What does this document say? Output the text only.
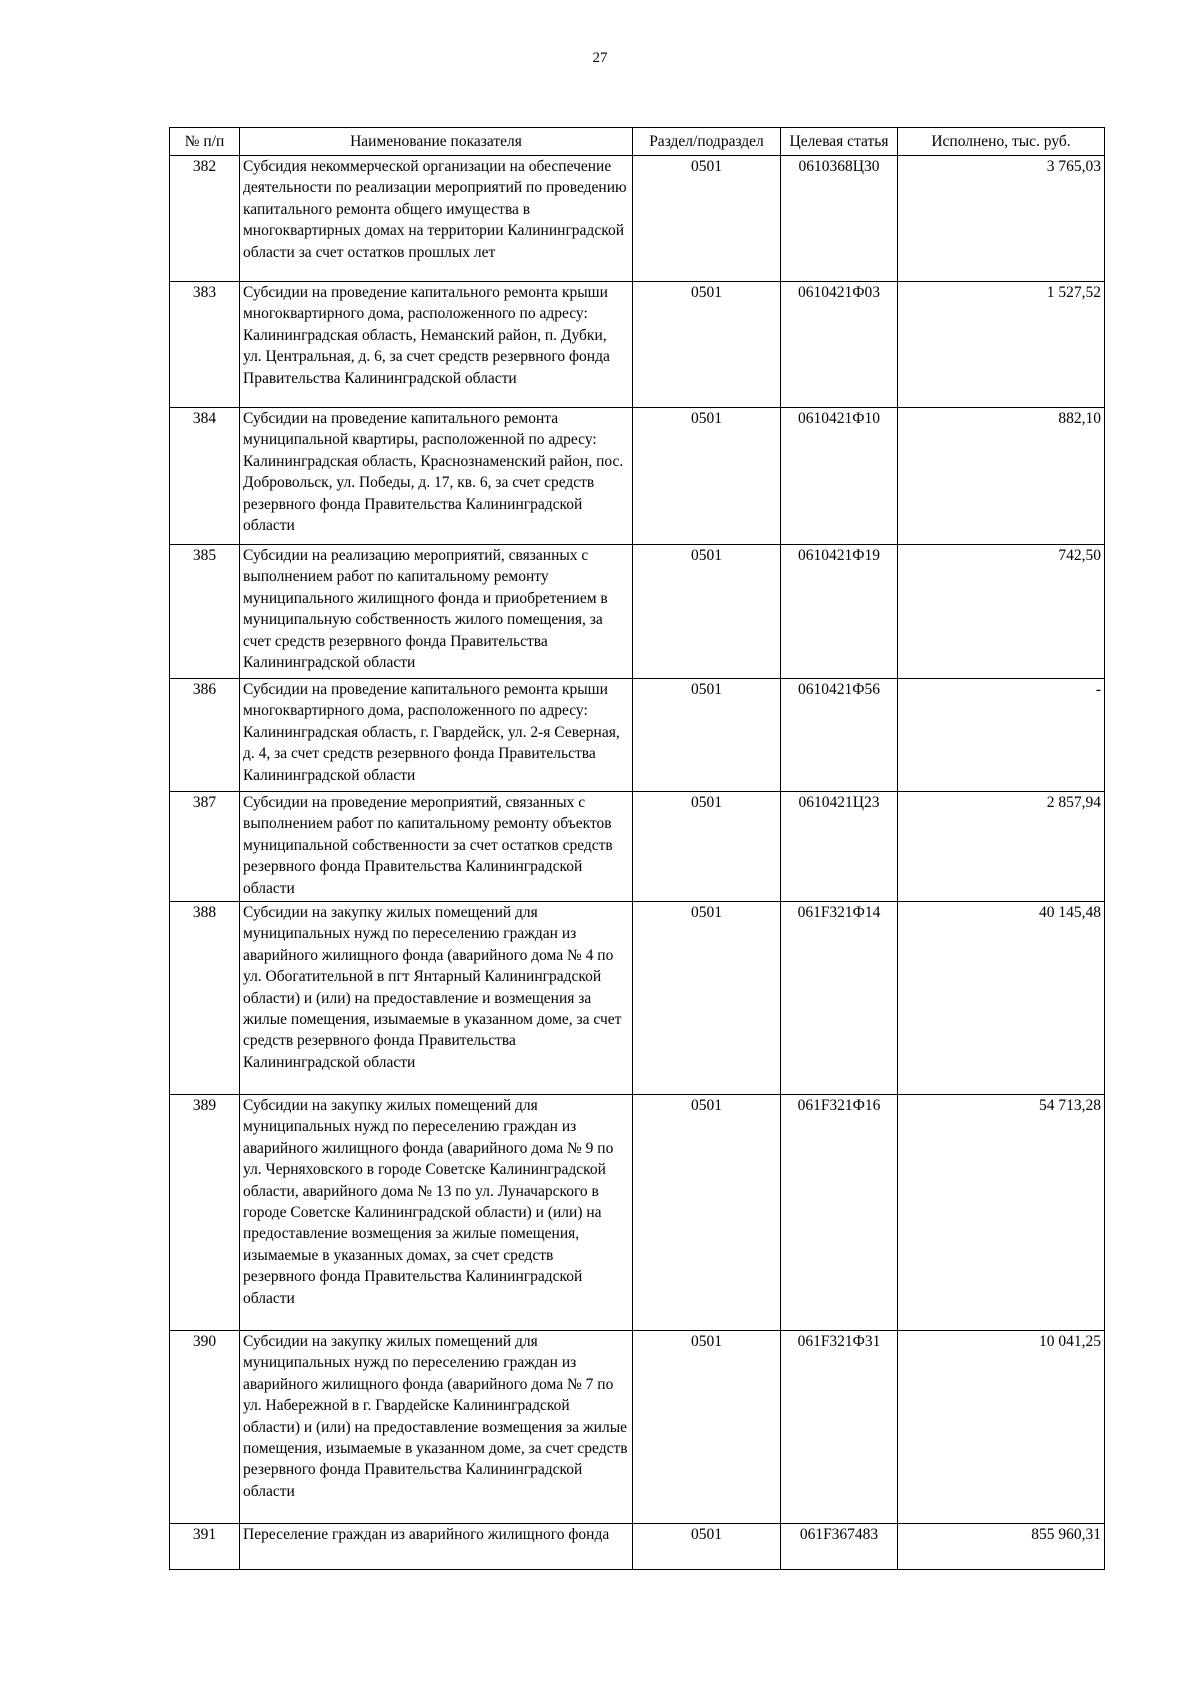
27
№ п/п	Наименование показателя	Раздел/подраздел	Целевая статья	Исполнено, тыс. руб.
382	Субсидия некоммерческой организации на обеспечение деятельности по реализации мероприятий по проведению капитального ремонта общего имущества в многоквартирных домах на территории Калининградской области за счет остатков прошлых лет	0501	0610368Ц30	3 765,03
383	Субсидии на проведение капитального ремонта крыши многоквартирного дома, расположенного по адресу: Калининградская область, Неманский район, п. Дубки, ул. Центральная, д. 6, за счет средств резервного фонда Правительства Калининградской области	0501	0610421Ф03	1 527,52
384	Субсидии на проведение капитального ремонта муниципальной квартиры, расположенной по адресу: Калининградская область, Краснознаменский район, пос. Добровольск, ул. Победы, д. 17, кв. 6, за счет средств резервного фонда Правительства Калининградской области	0501	0610421Ф10	882,10
385	Субсидии на реализацию мероприятий, связанных с выполнением работ по капитальному ремонту муниципального жилищного фонда и приобретением в муниципальную собственность жилого помещения, за счет средств резервного фонда Правительства Калининградской области	0501	0610421Ф19	742,50
386	Субсидии на проведение капитального ремонта крыши многоквартирного дома, расположенного по адресу: Калининградская область, г. Гвардейск, ул. 2-я Северная, д. 4, за счет средств резервного фонда Правительства Калининградской области	0501	0610421Ф56	-
387	Субсидии на проведение мероприятий, связанных с выполнением работ по капитальному ремонту объектов муниципальной собственности за счет остатков средств резервного фонда Правительства Калининградской области	0501	0610421Ц23	2 857,94
388	Субсидии на закупку жилых помещений для муниципальных нужд по переселению граждан из аварийного жилищного фонда (аварийного дома № 4 по ул. Обогатительной в пгт Янтарный Калининградской области) и (или) на предоставление и возмещения за жилые помещения, изымаемые в указанном доме, за счет средств резервного фонда Правительства Калининградской области	0501	061F321Ф14	40 145,48
389	Субсидии на закупку жилых помещений для муниципальных нужд по переселению граждан из аварийного жилищного фонда (аварийного дома № 9 по ул. Черняховского в городе Советске Калининградской области, аварийного дома № 13 по ул. Луначарского в городе Советске Калининградской области) и (или) на предоставление возмещения за жилые помещения, изымаемые в указанных домах, за счет средств резервного фонда Правительства Калининградской области	0501	061F321Ф16	54 713,28
390	Субсидии на закупку жилых помещений для муниципальных нужд по переселению граждан из аварийного жилищного фонда (аварийного дома № 7 по ул. Набережной в г. Гвардейске Калининградской области) и (или) на предоставление возмещения за жилые помещения, изымаемые в указанном доме, за счет средств резервного фонда Правительства Калининградской области	0501	061F321Ф31	10 041,25
391	Переселение граждан из аварийного жилищного фонда	0501	061F367483	855 960,31
